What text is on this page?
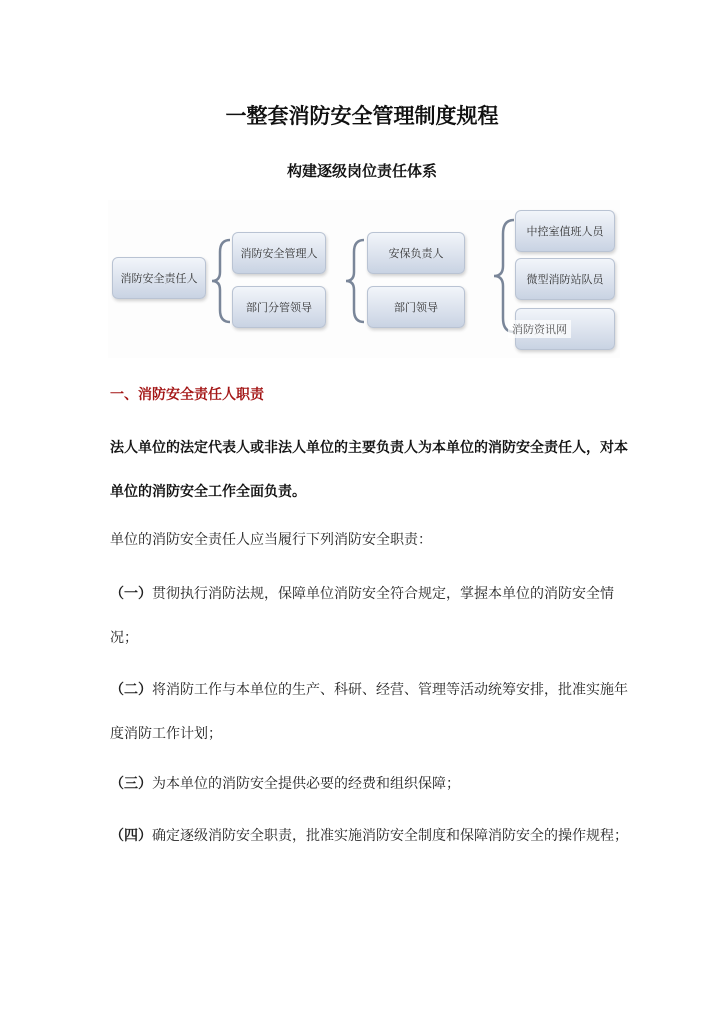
一整套消防安全管理制度规程
构建逐级岗位责任体系
消防安全责任人
消防安全管理人
部门分管领导
安保负责人
部门领导
中控室值班人员
微型消防站队员
消防资讯网
一、消防安全责任人职责
法人单位的法定代表人或非法人单位的主要负责人为本单位的消防安全责任人，对本单位的消防安全工作全面负责。
单位的消防安全责任人应当履行下列消防安全职责：
（一）贯彻执行消防法规，保障单位消防安全符合规定，掌握本单位的消防安全情况；
（二）将消防工作与本单位的生产、科研、经营、管理等活动统筹安排，批准实施年度消防工作计划；
（三）为本单位的消防安全提供必要的经费和组织保障；
（四）确定逐级消防安全职责，批准实施消防安全制度和保障消防安全的操作规程；
